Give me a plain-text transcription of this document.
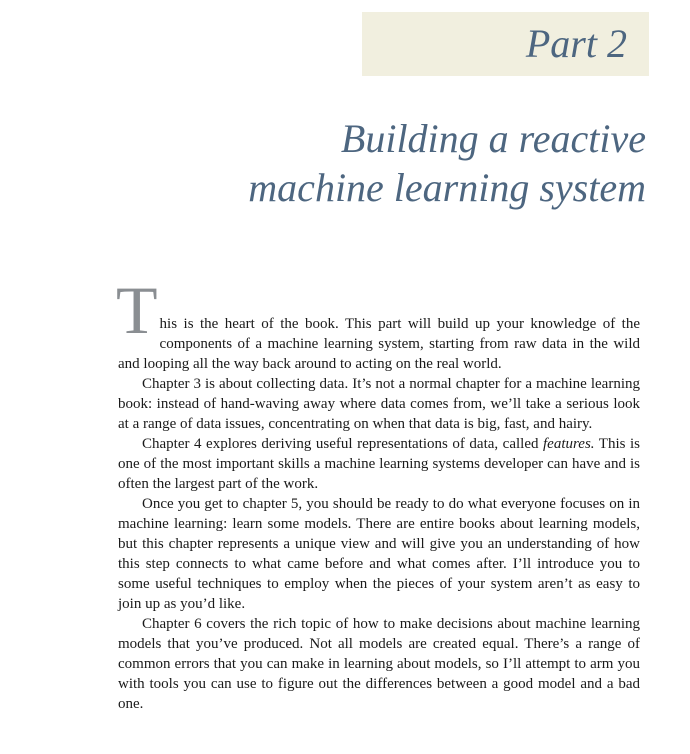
Part 2
Building a reactive
machine learning system

T his is the heart of the book. This part will build up your knowledge of the components of a machine learning system, starting from raw data in the wild and looping all the way back around to acting on the real world.

Chapter 3 is about collecting data. It’s not a normal chapter for a machine learning book: instead of hand-waving away where data comes from, we’ll take a serious look at a range of data issues, concentrating on when that data is big, fast, and hairy.

Chapter 4 explores deriving useful representations of data, called features. This is one of the most important skills a machine learning systems developer can have and is often the largest part of the work.

Once you get to chapter 5, you should be ready to do what everyone focuses on in machine learning: learn some models. There are entire books about learning models, but this chapter represents a unique view and will give you an understanding of how this step connects to what came before and what comes after. I’ll introduce you to some useful techniques to employ when the pieces of your system aren’t as easy to join up as you’d like.

Chapter 6 covers the rich topic of how to make decisions about machine learning models that you’ve produced. Not all models are created equal. There’s a range of common errors that you can make in learning about models, so I’ll attempt to arm you with tools you can use to figure out the differences between a good model and a bad one.
